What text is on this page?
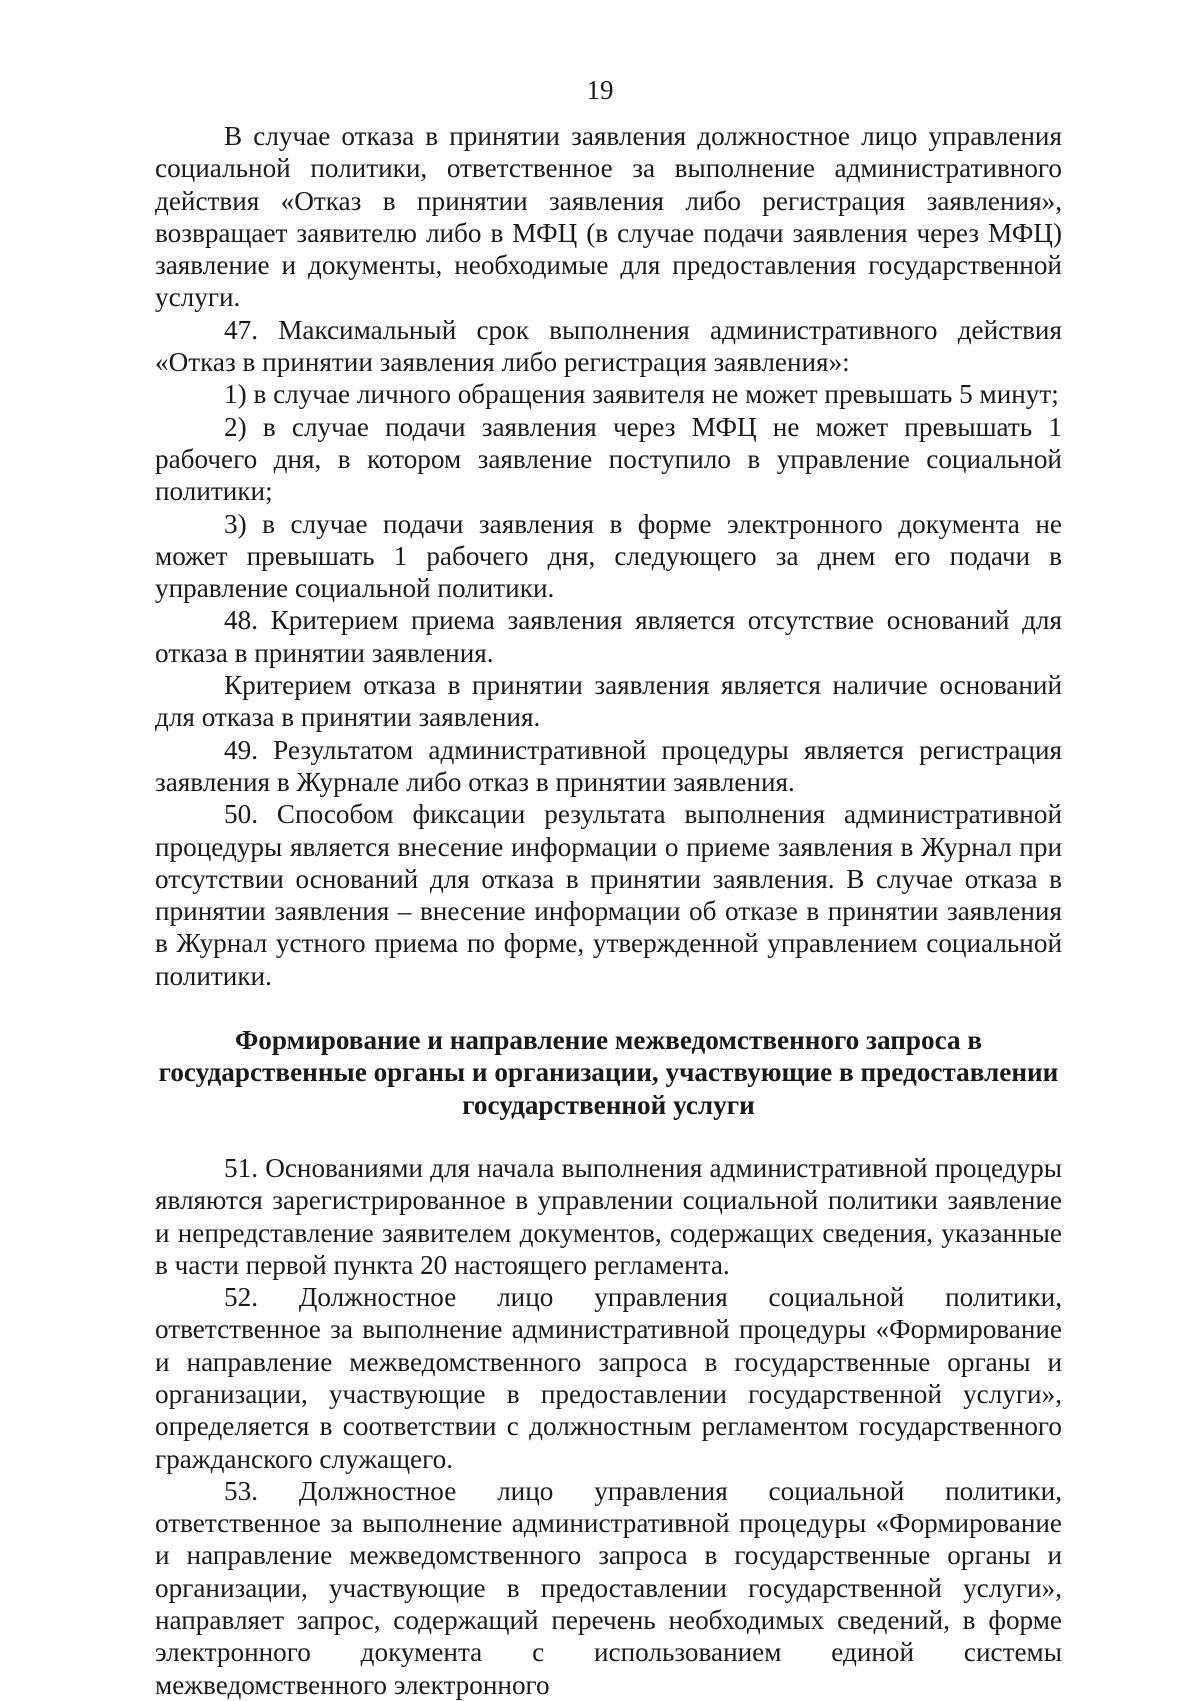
19

В случае отказа в принятии заявления должностное лицо управления социальной политики, ответственное за выполнение административного действия «Отказ в принятии заявления либо регистрация заявления», возвращает заявителю либо в МФЦ (в случае подачи заявления через МФЦ) заявление и документы, необходимые для предоставления государственной услуги.

47. Максимальный срок выполнения административного действия «Отказ в принятии заявления либо регистрация заявления»:

1) в случае личного обращения заявителя не может превышать 5 минут;

2) в случае подачи заявления через МФЦ не может превышать 1 рабочего дня, в котором заявление поступило в управление социальной политики;

3) в случае подачи заявления в форме электронного документа не может превышать 1 рабочего дня, следующего за днем его подачи в управление социальной политики.

48. Критерием приема заявления является отсутствие оснований для отказа в принятии заявления.

Критерием отказа в принятии заявления является наличие оснований для отказа в принятии заявления.

49. Результатом административной процедуры является регистрация заявления в Журнале либо отказ в принятии заявления.

50. Способом фиксации результата выполнения административной процедуры является внесение информации о приеме заявления в Журнал при отсутствии оснований для отказа в принятии заявления. В случае отказа в принятии заявления – внесение информации об отказе в принятии заявления в Журнал устного приема по форме, утвержденной управлением социальной политики.

Формирование и направление межведомственного запроса в государственные органы и организации, участвующие в предоставлении государственной услуги

51. Основаниями для начала выполнения административной процедуры являются зарегистрированное в управлении социальной политики заявление и непредставление заявителем документов, содержащих сведения, указанные в части первой пункта 20 настоящего регламента.

52. Должностное лицо управления социальной политики, ответственное за выполнение административной процедуры «Формирование и направление межведомственного запроса в государственные органы и организации, участвующие в предоставлении государственной услуги», определяется в соответствии с должностным регламентом государственного гражданского служащего.

53. Должностное лицо управления социальной политики, ответственное за выполнение административной процедуры «Формирование и направление межведомственного запроса в государственные органы и организации, участвующие в предоставлении государственной услуги», направляет запрос, содержащий перечень необходимых сведений, в форме электронного документа с использованием единой системы межведомственного электронного
